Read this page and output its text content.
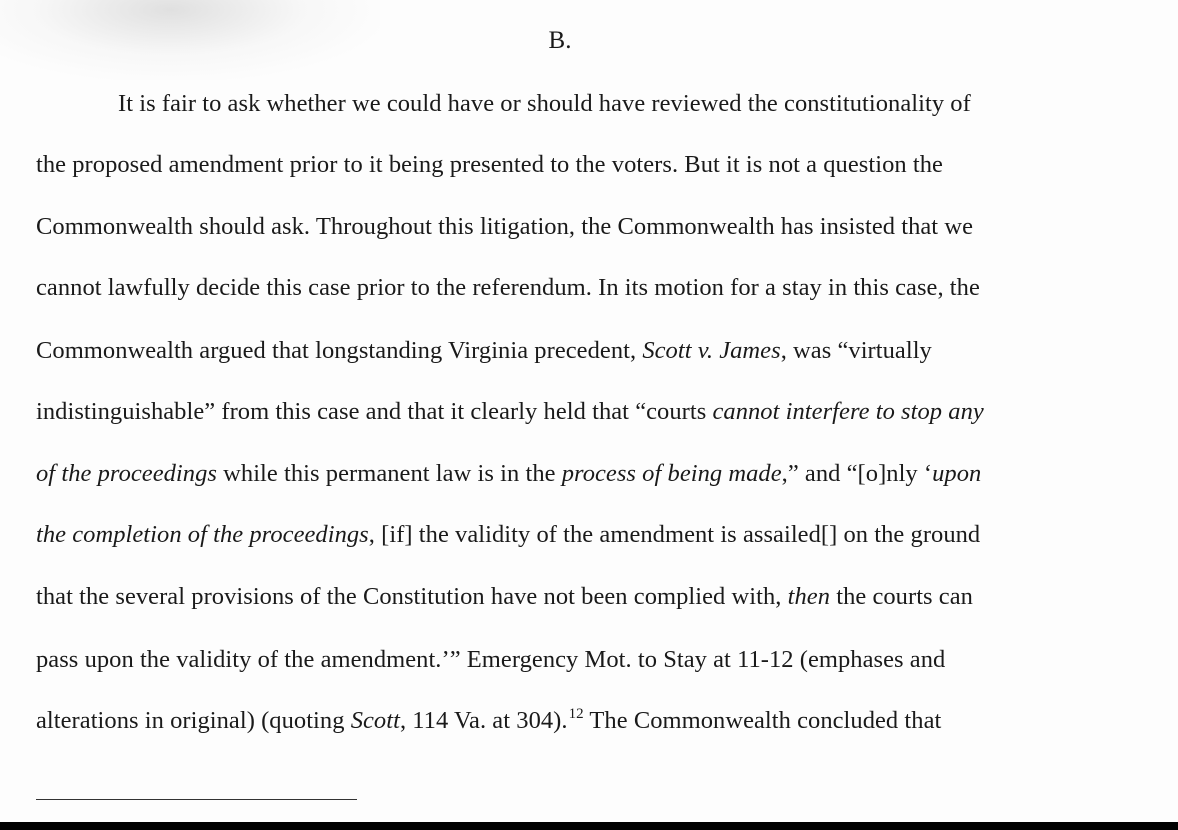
B.
It is fair to ask whether we could have or should have reviewed the constitutionality of
the proposed amendment prior to it being presented to the voters. But it is not a question the
Commonwealth should ask. Throughout this litigation, the Commonwealth has insisted that we
cannot lawfully decide this case prior to the referendum. In its motion for a stay in this case, the
Commonwealth argued that longstanding Virginia precedent, Scott v. James, was “virtually
indistinguishable” from this case and that it clearly held that “courts cannot interfere to stop any
of the proceedings while this permanent law is in the process of being made,” and “[o]nly ‘upon
the completion of the proceedings, [if] the validity of the amendment is assailed[] on the ground
that the several provisions of the Constitution have not been complied with, then the courts can
pass upon the validity of the amendment.’” Emergency Mot. to Stay at 11-12 (emphases and
alterations in original) (quoting Scott, 114 Va. at 304).$^{12}$ The Commonwealth concluded that
